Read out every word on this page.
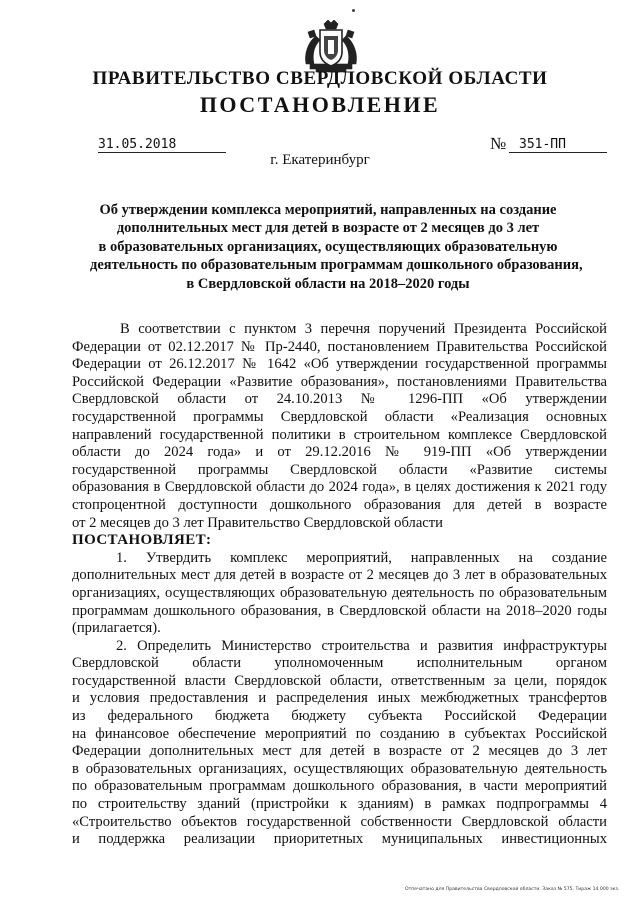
ПРАВИТЕЛЬСТВО СВЕРДЛОВСКОЙ ОБЛАСТИ
ПОСТАНОВЛЕНИЕ
31.05.2018	№ 351-ПП
г. Екатеринбург
Об утверждении комплекса мероприятий, направленных на создание
дополнительных мест для детей в возрасте от 2 месяцев до 3 лет
в образовательных организациях, осуществляющих образовательную
деятельность по образовательным программам дошкольного образования,
в Свердловской области на 2018–2020 годы
В соответствии с пунктом 3 перечня поручений Президента Российской
Федерации от 02.12.2017 № Пр-2440, постановлением Правительства Российской
Федерации от 26.12.2017 № 1642 «Об утверждении государственной программы
Российской Федерации «Развитие образования», постановлениями Правительства
Свердловской области от 24.10.2013 № 1296-ПП «Об утверждении
государственной программы Свердловской области «Реализация основных
направлений государственной политики в строительном комплексе Свердловской
области до 2024 года» и от 29.12.2016 № 919-ПП «Об утверждении
государственной программы Свердловской области «Развитие системы
образования в Свердловской области до 2024 года», в целях достижения к 2021 году
стопроцентной доступности дошкольного образования для детей в возрасте
от 2 месяцев до 3 лет Правительство Свердловской области
ПОСТАНОВЛЯЕТ:
1. Утвердить комплекс мероприятий, направленных на создание
дополнительных мест для детей в возрасте от 2 месяцев до 3 лет в образовательных
организациях, осуществляющих образовательную деятельность по образовательным
программам дошкольного образования, в Свердловской области на 2018–2020 годы
(прилагается).
2. Определить Министерство строительства и развития инфраструктуры
Свердловской области уполномоченным исполнительным органом
государственной власти Свердловской области, ответственным за цели, порядок
и условия предоставления и распределения иных межбюджетных трансфертов
из федерального бюджета бюджету субъекта Российской Федерации
на финансовое обеспечение мероприятий по созданию в субъектах Российской
Федерации дополнительных мест для детей в возрасте от 2 месяцев до 3 лет
в образовательных организациях, осуществляющих образовательную деятельность
по образовательным программам дошкольного образования, в части мероприятий
по строительству зданий (пристройки к зданиям) в рамках подпрограммы 4
«Строительство объектов государственной собственности Свердловской области
и поддержка реализации приоритетных муниципальных инвестиционных
Отпечатано для Правительства Свердловской области. Заказ № 575. Тираж 14 000 экз.
